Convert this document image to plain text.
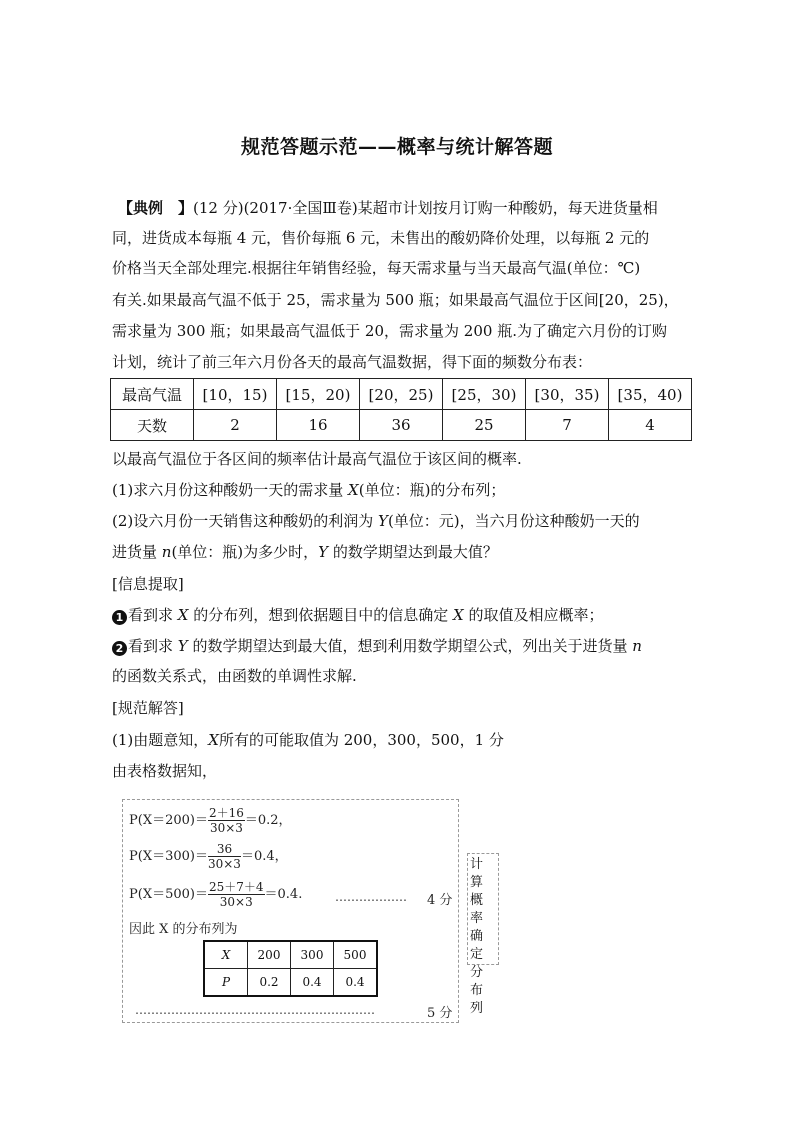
规范答题示范——概率与统计解答题
【典例　】(12 分)(2017·全国Ⅲ卷)某超市计划按月订购一种酸奶，每天进货量相
同，进货成本每瓶 4 元，售价每瓶 6 元，未售出的酸奶降价处理，以每瓶 2 元的
价格当天全部处理完.根据往年销售经验，每天需求量与当天最高气温(单位：℃)
有关.如果最高气温不低于 25，需求量为 500 瓶；如果最高气温位于区间[20，25)，
需求量为 300 瓶；如果最高气温低于 20，需求量为 200 瓶.为了确定六月份的订购
计划，统计了前三年六月份各天的最高气温数据，得下面的频数分布表：
最高气温	[10，15)	[15，20)	[20，25)	[25，30)	[30，35)	[35，40)
天数	2	16	36	25	7	4
以最高气温位于各区间的频率估计最高气温位于该区间的概率.
(1)求六月份这种酸奶一天的需求量 X(单位：瓶)的分布列；
(2)设六月份一天销售这种酸奶的利润为 Y(单位：元)，当六月份这种酸奶一天的
进货量 n(单位：瓶)为多少时，Y 的数学期望达到最大值？
[信息提取]
1 看到求 X 的分布列，想到依据题目中的信息确定 X 的取值及相应概率；
2 看到求 Y 的数学期望达到最大值，想到利用数学期望公式，列出关于进货量 n
的函数关系式，由函数的单调性求解.
[规范解答]
(1)由题意知，X所有的可能取值为 200，300，500，1 分
由表格数据知，
$P(X=200)= \frac{2+16}{30\times 3} =0.2$，
$P(X=300)= \frac{36}{30\times 3} =0.4$，
$P(X=500)= \frac{25+7+4}{30\times 3} =0.4$.	……………… 4 分
因此 X 的分布列为
X	200	300	500
P	0.2	0.4	0.4
……………………………………………………	5 分
计算概率确定分布列
